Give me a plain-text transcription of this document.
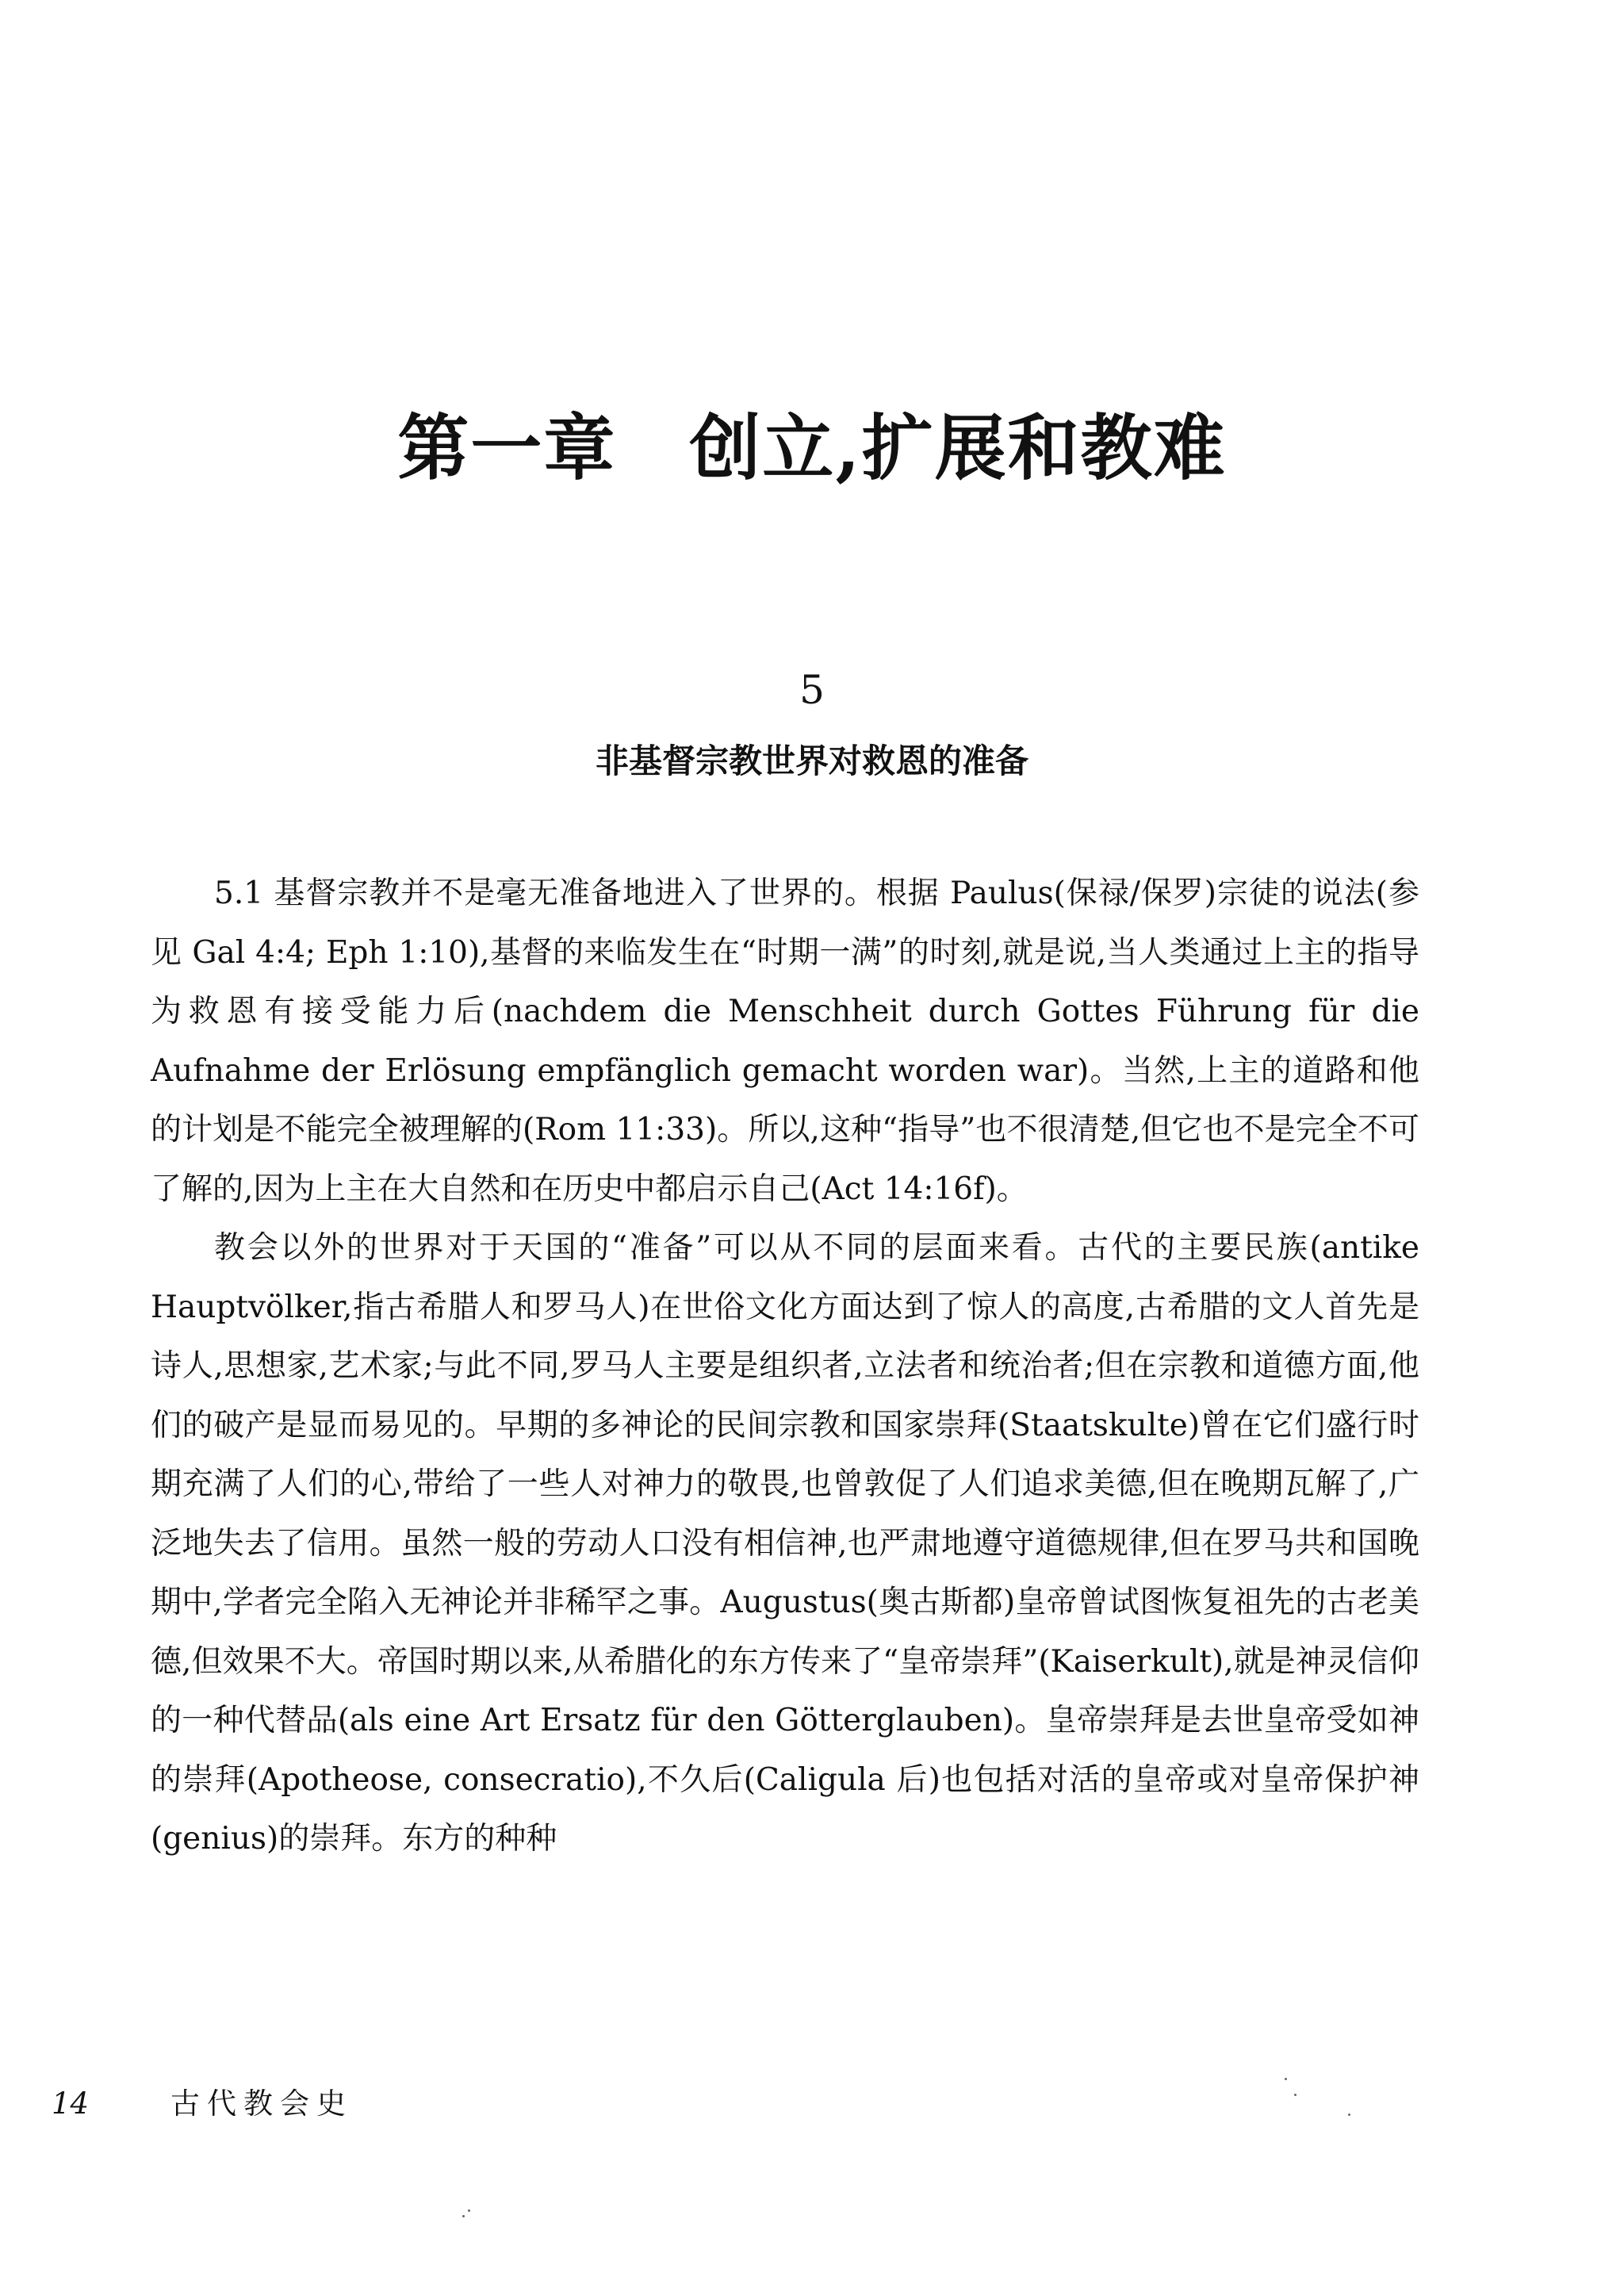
第一章　创立,扩展和教难
5
非基督宗教世界对救恩的准备

5.1 基督宗教并不是毫无准备地进入了世界的。根据 Paulus(保禄/保罗)宗徒的说法(参见 Gal 4:4; Eph 1:10),基督的来临发生在“时期一满”的时刻,就是说,当人类通过上主的指导为救恩有接受能力后(nachdem die Menschheit durch Gottes Führung für die Aufnahme der Erlösung empfänglich gemacht worden war)。当然,上主的道路和他的计划是不能完全被理解的(Rom 11:33)。所以,这种“指导”也不很清楚,但它也不是完全不可了解的,因为上主在大自然和在历史中都启示自己(Act 14:16f)。

教会以外的世界对于天国的“准备”可以从不同的层面来看。古代的主要民族(antike Hauptvölker,指古希腊人和罗马人)在世俗文化方面达到了惊人的高度,古希腊的文人首先是诗人,思想家,艺术家;与此不同,罗马人主要是组织者,立法者和统治者;但在宗教和道德方面,他们的破产是显而易见的。早期的多神论的民间宗教和国家崇拜(Staatskulte)曾在它们盛行时期充满了人们的心,带给了一些人对神力的敬畏,也曾敦促了人们追求美德,但在晚期瓦解了,广泛地失去了信用。虽然一般的劳动人口没有相信神,也严肃地遵守道德规律,但在罗马共和国晚期中,学者完全陷入无神论并非稀罕之事。Augustus(奥古斯都)皇帝曾试图恢复祖先的古老美德,但效果不大。帝国时期以来,从希腊化的东方传来了“皇帝崇拜”(Kaiserkult),就是神灵信仰的一种代替品(als eine Art Ersatz für den Götterglauben)。皇帝崇拜是去世皇帝受如神的崇拜(Apotheose, consecratio),不久后(Caligula 后)也包括对活的皇帝或对皇帝保护神(genius)的崇拜。东方的种种

14	古代教会史
